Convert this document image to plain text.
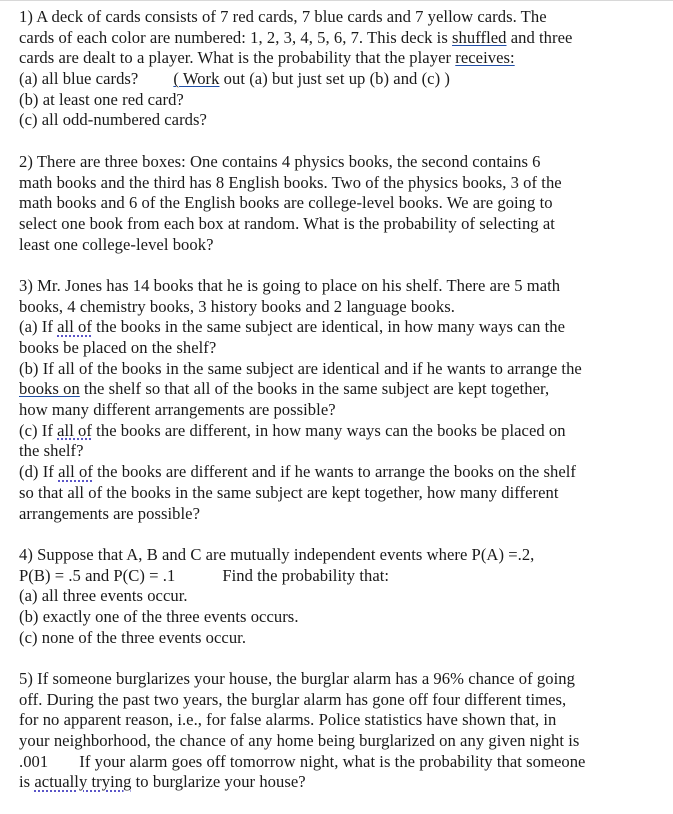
1) A deck of cards consists of 7 red cards, 7 blue cards and 7 yellow cards. The
cards of each color are numbered: 1, 2, 3, 4, 5, 6, 7. This deck is shuffled and three
cards are dealt to a player. What is the probability that the player receives:
(a) all blue cards? ( Work out (a) but just set up (b) and (c) )
(b) at least one red card?
(c) all odd-numbered cards?
2) There are three boxes: One contains 4 physics books, the second contains 6
math books and the third has 8 English books. Two of the physics books, 3 of the
math books and 6 of the English books are college-level books. We are going to
select one book from each box at random. What is the probability of selecting at
least one college-level book?
3) Mr. Jones has 14 books that he is going to place on his shelf. There are 5 math
books, 4 chemistry books, 3 history books and 2 language books.
(a) If all of the books in the same subject are identical, in how many ways can the
books be placed on the shelf?
(b) If all of the books in the same subject are identical and if he wants to arrange the
books on the shelf so that all of the books in the same subject are kept together,
how many different arrangements are possible?
(c) If all of the books are different, in how many ways can the books be placed on
the shelf?
(d) If all of the books are different and if he wants to arrange the books on the shelf
so that all of the books in the same subject are kept together, how many different
arrangements are possible?
4) Suppose that A, B and C are mutually independent events where P(A) =.2,
P(B) = .5 and P(C) = .1	Find the probability that:
(a) all three events occur.
(b) exactly one of the three events occurs.
(c) none of the three events occur.
5) If someone burglarizes your house, the burglar alarm has a 96% chance of going
off. During the past two years, the burglar alarm has gone off four different times,
for no apparent reason, i.e., for false alarms. Police statistics have shown that, in
your neighborhood, the chance of any home being burglarized on any given night is
.001 If your alarm goes off tomorrow night, what is the probability that someone
is actually trying to burglarize your house?
